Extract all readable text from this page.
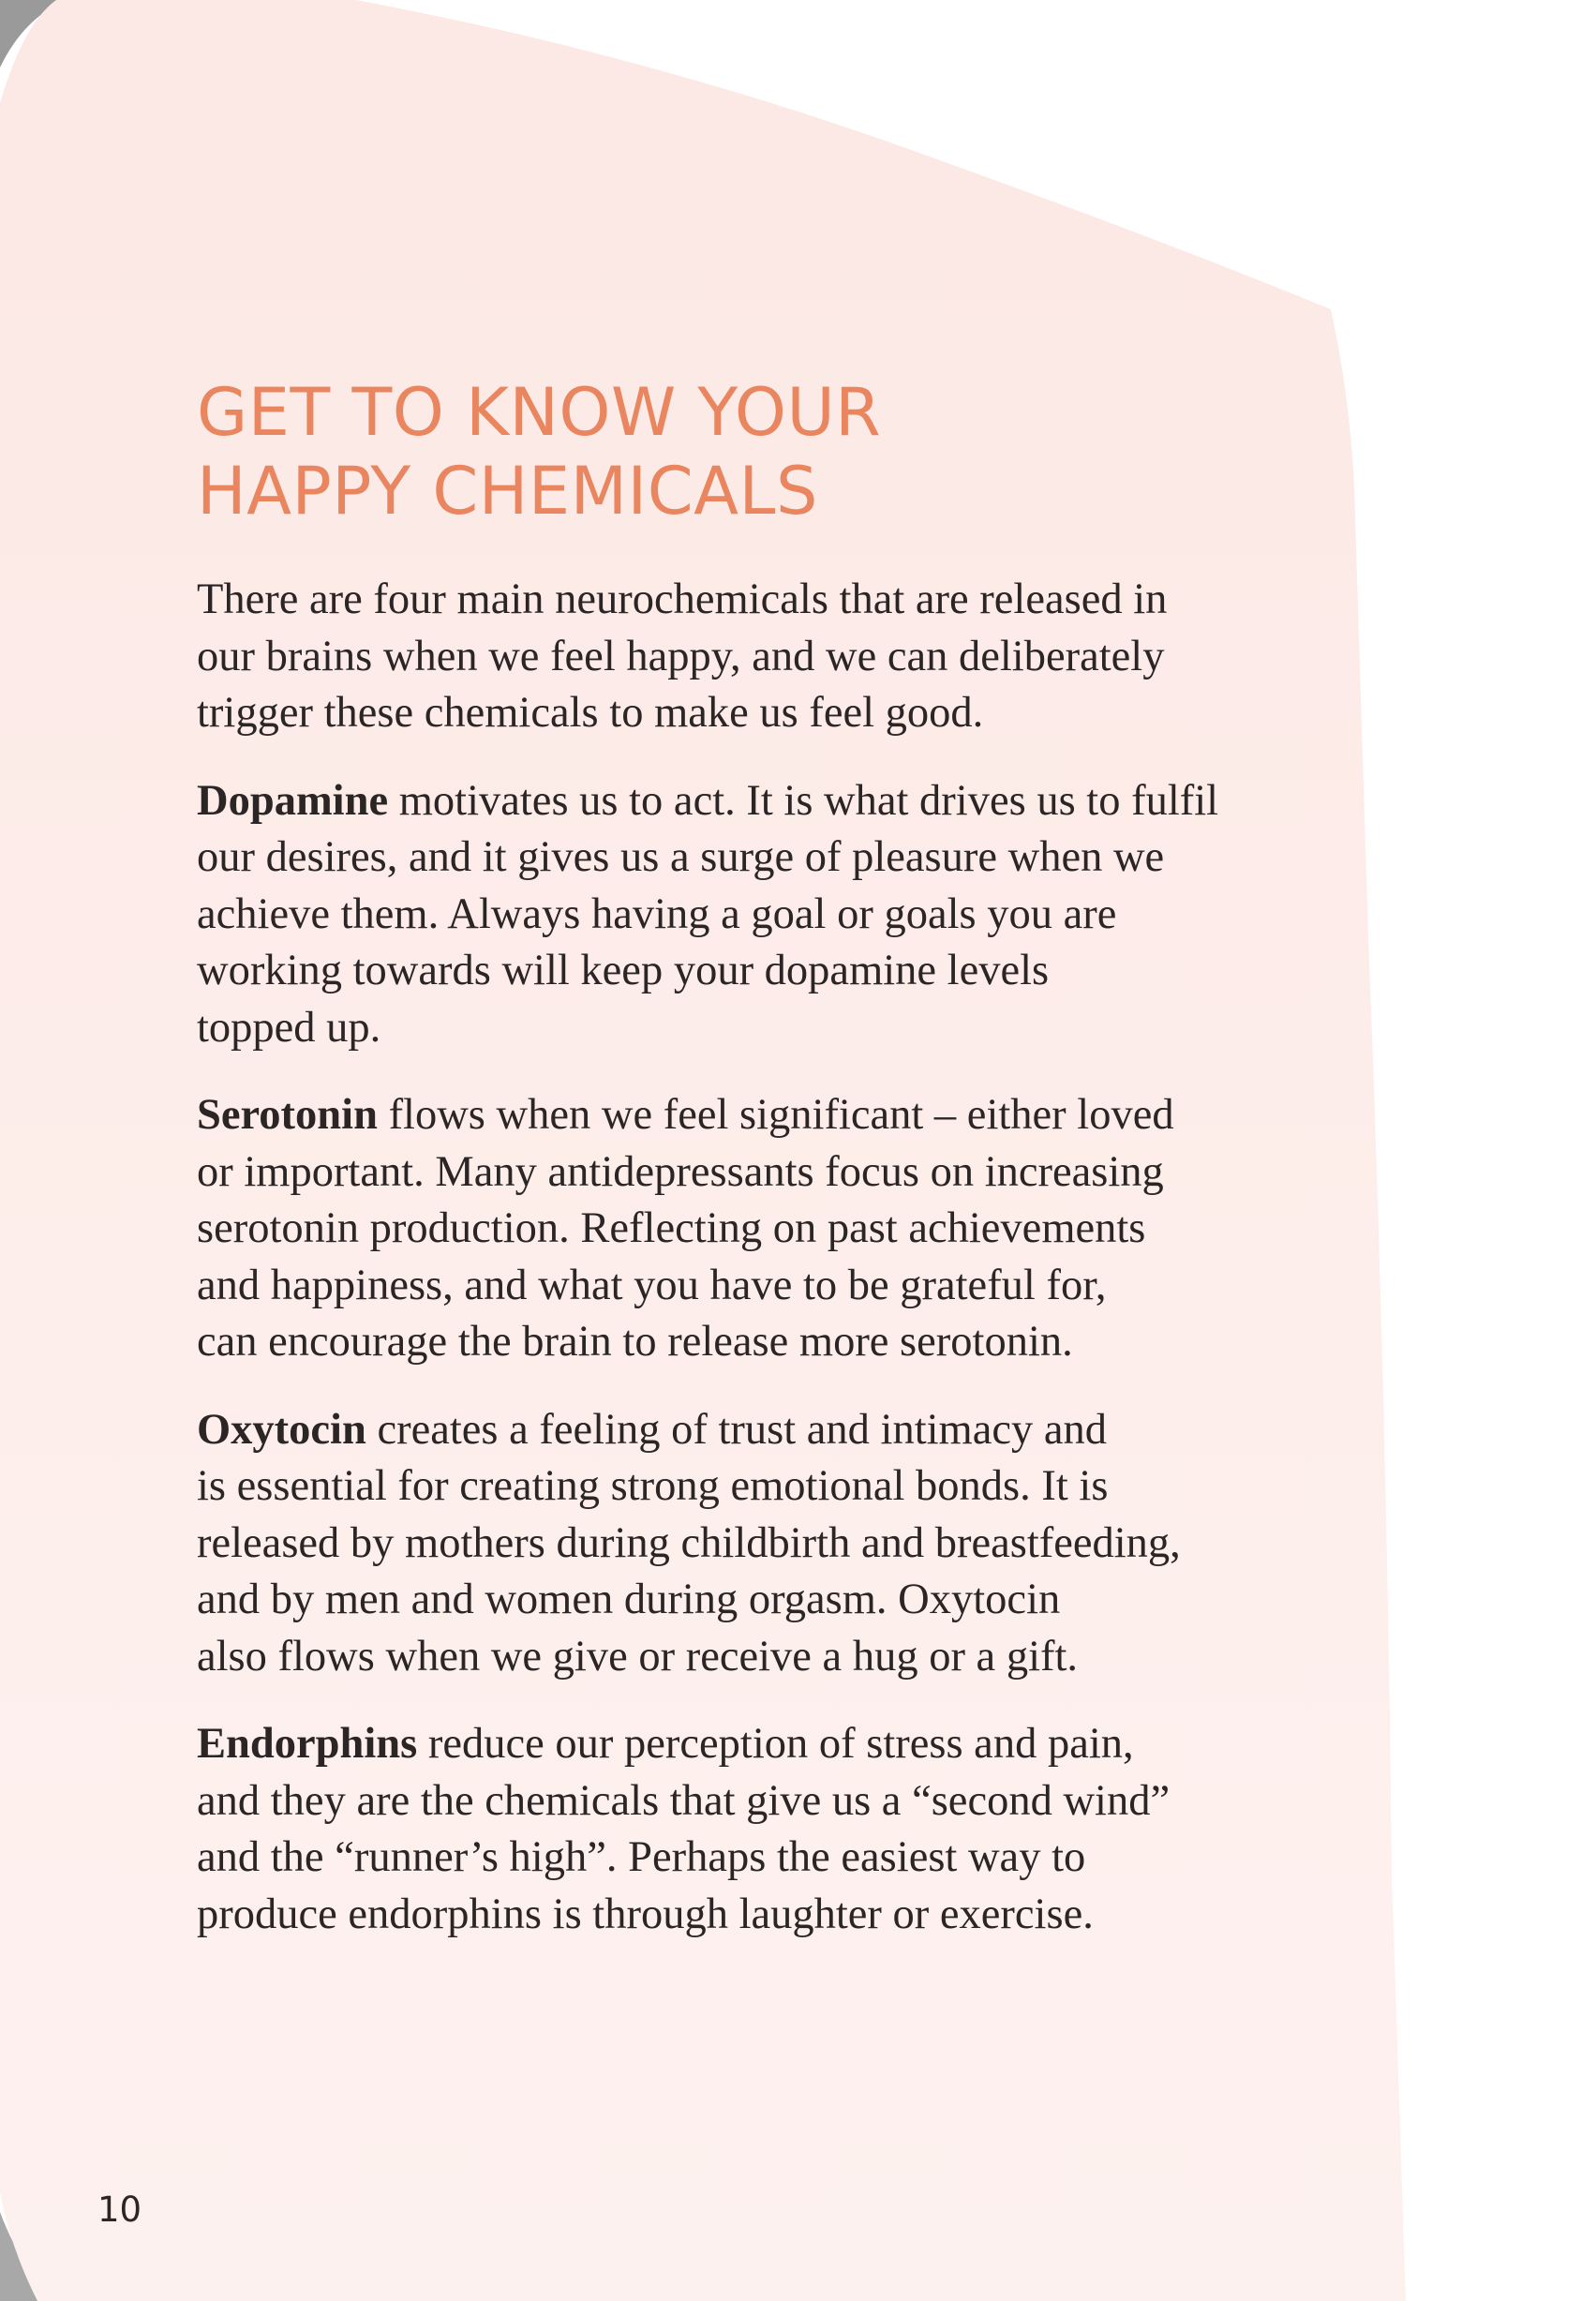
GET TO KNOW YOUR
HAPPY CHEMICALS

There are four main neurochemicals that are released in
our brains when we feel happy, and we can deliberately
trigger these chemicals to make us feel good.

Dopamine motivates us to act. It is what drives us to fulfil
our desires, and it gives us a surge of pleasure when we
achieve them. Always having a goal or goals you are
working towards will keep your dopamine levels
topped up.

Serotonin flows when we feel significant – either loved
or important. Many antidepressants focus on increasing
serotonin production. Reflecting on past achievements
and happiness, and what you have to be grateful for,
can encourage the brain to release more serotonin.

Oxytocin creates a feeling of trust and intimacy and
is essential for creating strong emotional bonds. It is
released by mothers during childbirth and breastfeeding,
and by men and women during orgasm. Oxytocin
also flows when we give or receive a hug or a gift.

Endorphins reduce our perception of stress and pain,
and they are the chemicals that give us a “second wind”
and the “runner’s high”. Perhaps the easiest way to
produce endorphins is through laughter or exercise.

10
